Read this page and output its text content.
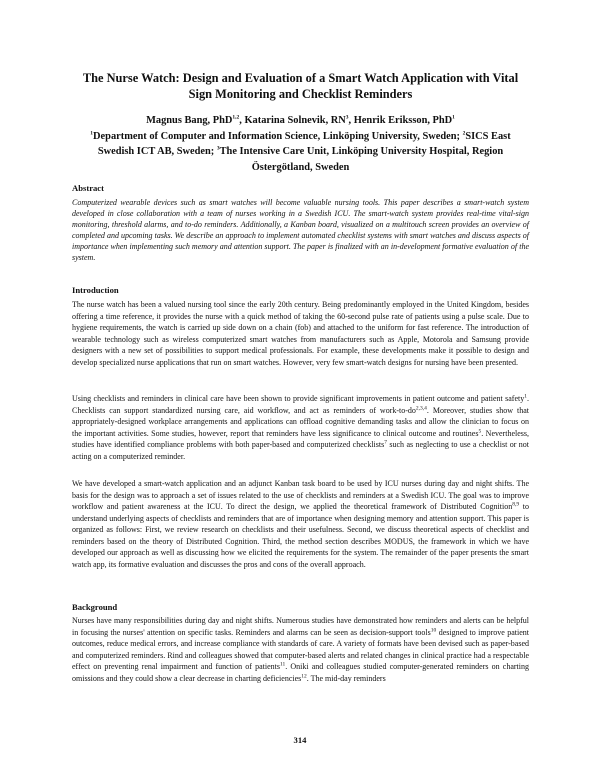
The Nurse Watch: Design and Evaluation of a Smart Watch Application with Vital Sign Monitoring and Checklist Reminders

Magnus Bang, PhD$^{1,2}$, Katarina Solnevik, $RN^3$, Henrik Eriksson, PhD$^1$

$^1$Department of Computer and Information Science, Linköping University, Sweden; $^2$SICS East Swedish ICT AB, Sweden; $^3$The Intensive Care Unit, Linköping University Hospital, Region Östergötland, Sweden

Abstract
Computerized wearable devices such as smart watches will become valuable nursing tools. This paper describes a smart-watch system developed in close collaboration with a team of nurses working in a Swedish ICU. The smart-watch system provides real-time vital-sign monitoring, threshold alarms, and to-do reminders. Additionally, a Kanban board, visualized on a multitouch screen provides an overview of completed and upcoming tasks. We describe an approach to implement automated checklist systems with smart watches and discuss aspects of importance when implementing such memory and attention support. The paper is finalized with an in-development formative evaluation of the system.
Introduction
The nurse watch has been a valued nursing tool since the early 20th century. Being predominantly employed in the United Kingdom, besides offering a time reference, it provides the nurse with a quick method of taking the 60-second pulse rate of patients using a pulse scale. Due to hygiene requirements, the watch is carried up side down on a chain (fob) and attached to the uniform for fast reference. The introduction of wearable technology such as wireless computerized smart watches from manufacturers such as Apple, Motorola and Samsung provide designers with a new set of possibilities to support medical professionals. For example, these developments make it possible to design and develop specialized nurse applications that run on smart watches. However, very few smart-watch designs for nursing have been presented.
Using checklists and reminders in clinical care have been shown to provide significant improvements in patient outcome and patient safety$^1$. Checklists can support standardized nursing care, aid workflow, and act as reminders of work-to-do$^{2,3,4}$. Moreover, studies show that appropriately-designed workplace arrangements and applications can offload cognitive demanding tasks and allow the clinician to focus on the important activities. Some studies, however, report that reminders have less significance to clinical outcome and routines$^5$. Nevertheless, studies have identified compliance problems with both paper-based and computerized checklists$^7$ such as neglecting to use a checklist or not acting on a computerized reminder.
We have developed a smart-watch application and an adjunct Kanban task board to be used by ICU nurses during day and night shifts. The basis for the design was to approach a set of issues related to the use of checklists and reminders at a Swedish ICU. The goal was to improve workflow and patient awareness at the ICU. To direct the design, we applied the theoretical framework of Distributed Cognition$^{8,9}$ to understand underlying aspects of checklists and reminders that are of importance when designing memory and attention support. This paper is organized as follows: First, we review research on checklists and their usefulness. Second, we discuss theoretical aspects of checklist and reminders based on the theory of Distributed Cognition. Third, the method section describes MODUS, the framework in which we have developed our approach as well as discussing how we elicited the requirements for the system. The remainder of the paper presents the smart watch app, its formative evaluation and discusses the pros and cons of the overall approach.
Background
Nurses have many responsibilities during day and night shifts. Numerous studies have demonstrated how reminders and alerts can be helpful in focusing the nurses' attention on specific tasks. Reminders and alarms can be seen as decision-support tools$^{10}$ designed to improve patient outcomes, reduce medical errors, and increase compliance with standards of care. A variety of formats have been devised such as paper-based and computerized reminders. Rind and colleagues showed that computer-based alerts and related changes in clinical practice had a respectable effect on preventing renal impairment and function of patients$^{11}$. Oniki and colleagues studied computer-generated reminders on charting omissions and they could show a clear decrease in charting deficiencies$^{12}$. The mid-day reminders
314
